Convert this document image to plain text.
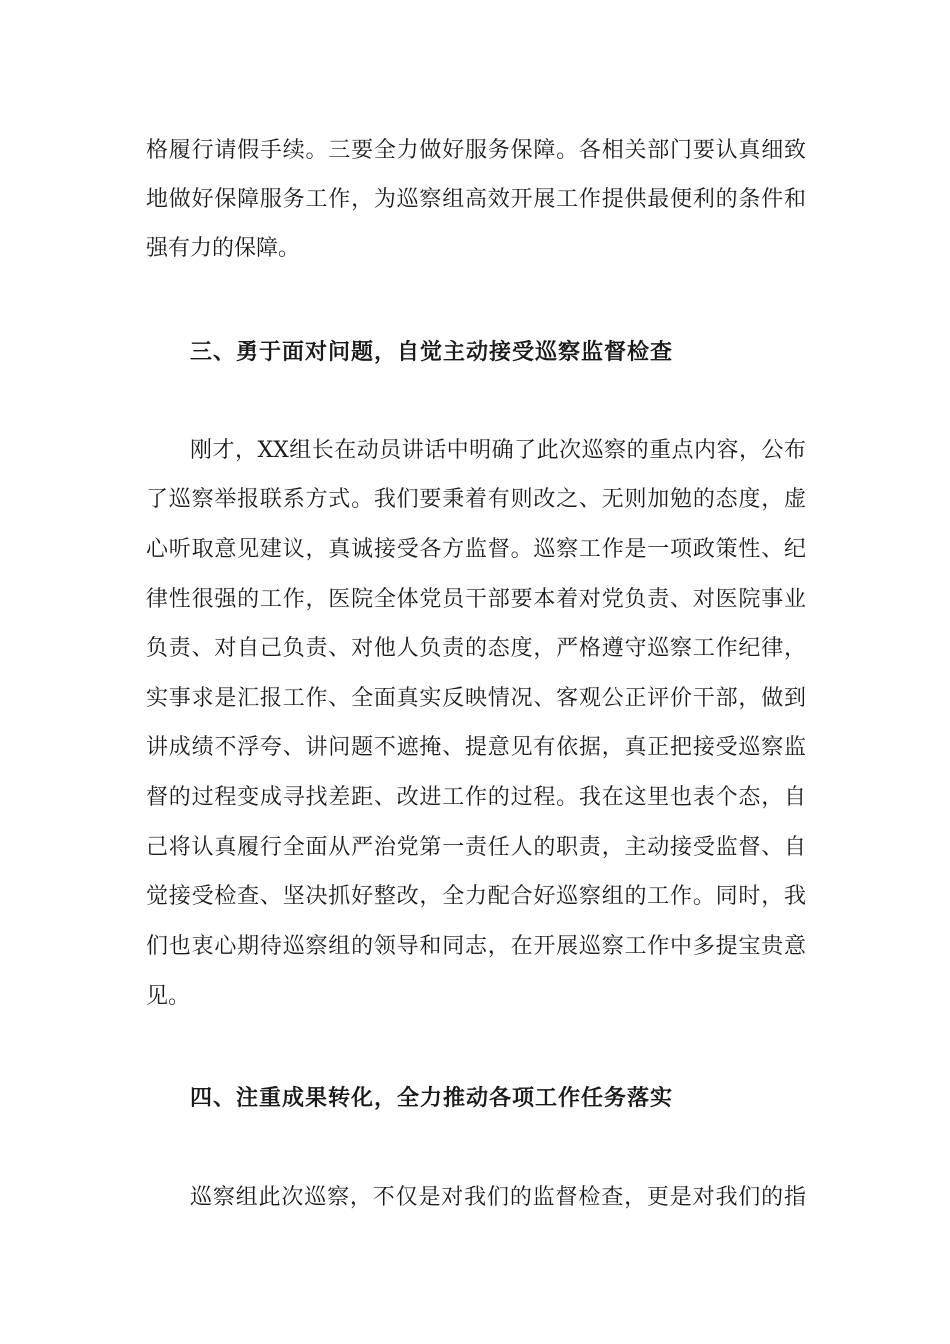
格履行请假手续。三要全力做好服务保障。各相关部门要认真细致
地做好保障服务工作，为巡察组高效开展工作提供最便利的条件和
强有力的保障。
三、勇于面对问题，自觉主动接受巡察监督检查
刚才，XX组长在动员讲话中明确了此次巡察的重点内容，公布
了巡察举报联系方式。我们要秉着有则改之、无则加勉的态度，虚
心听取意见建议，真诚接受各方监督。巡察工作是一项政策性、纪
律性很强的工作，医院全体党员干部要本着对党负责、对医院事业
负责、对自己负责、对他人负责的态度，严格遵守巡察工作纪律，
实事求是汇报工作、全面真实反映情况、客观公正评价干部，做到
讲成绩不浮夸、讲问题不遮掩、提意见有依据，真正把接受巡察监
督的过程变成寻找差距、改进工作的过程。我在这里也表个态，自
己将认真履行全面从严治党第一责任人的职责，主动接受监督、自
觉接受检查、坚决抓好整改，全力配合好巡察组的工作。同时，我
们也衷心期待巡察组的领导和同志，在开展巡察工作中多提宝贵意
见。
四、注重成果转化，全力推动各项工作任务落实
巡察组此次巡察，不仅是对我们的监督检查，更是对我们的指
